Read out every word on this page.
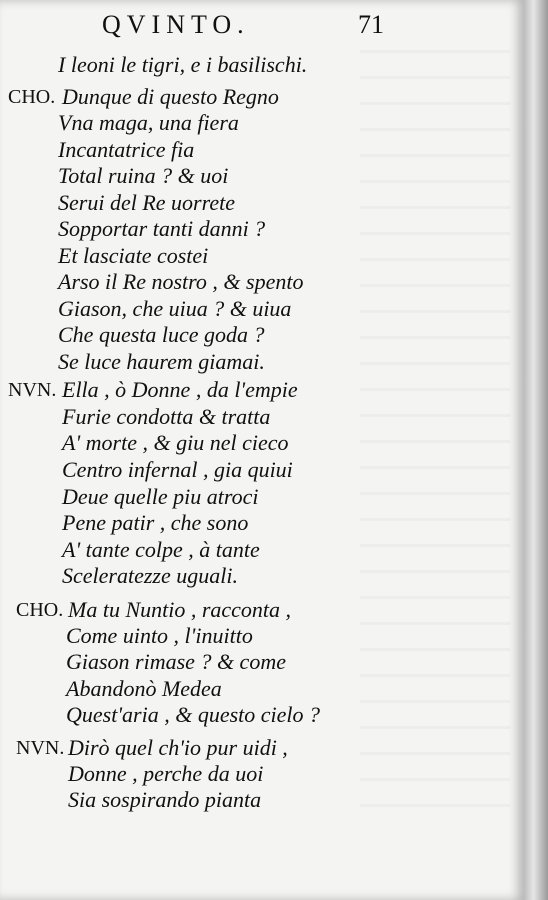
QVINTO.	71
I leoni le tigri, e i basilischi.
CHO. Dunque di questo Regno
Vna maga, una fiera
Incantatrice fia
Total ruina ? & uoi
Serui del Re uorrete
Sopportar tanti danni ?
Et lasciate costei
Arso il Re nostro , & spento
Giason, che uiua ? & uiua
Che questa luce goda ?
Se luce haurem giamai.
NVN. Ella , ò Donne , da l'empie
Furie condotta & tratta
A' morte , & giu nel cieco
Centro infernal , gia quiui
Deue quelle piu atroci
Pene patir , che sono
A' tante colpe , à tante
Sceleratezze uguali.
CHO. Ma tu Nuntio , racconta ,
Come uinto , l'inuitto
Giason rimase ? & come
Abandonò Medea
Quest'aria , & questo cielo ?
NVN. Dirò quel ch'io pur uidi ,
Donne , perche da uoi
Sia sospirando pianta
